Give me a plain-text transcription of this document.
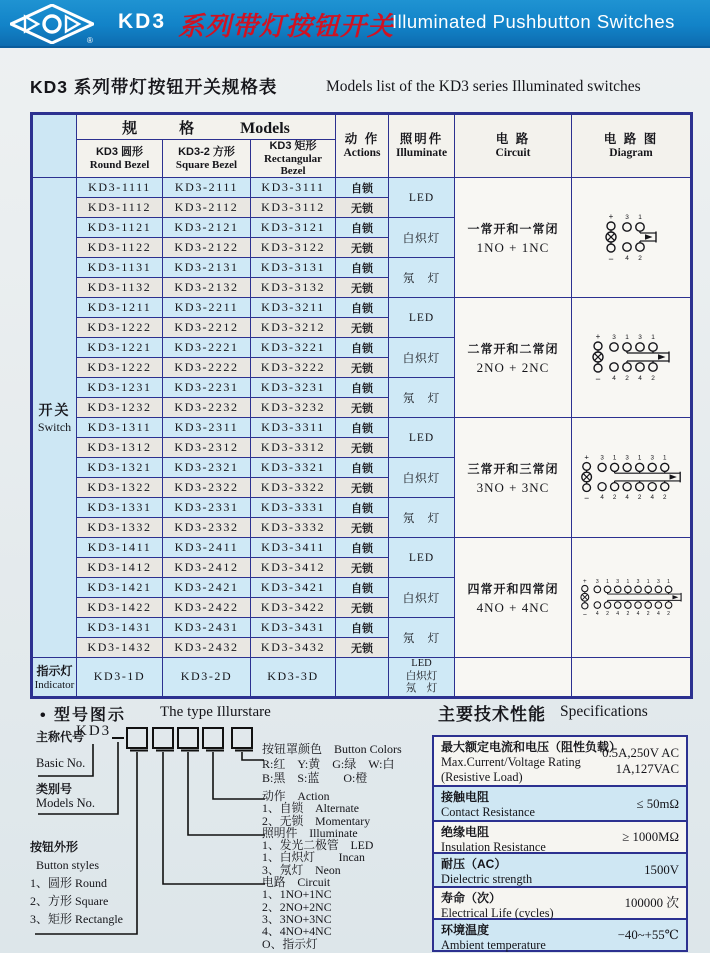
®
KD3 系列带灯按钮开关
Illuminated Pushbutton Switches
KD3 系列带灯按钮开关规格表	Models list of the KD3 series Illuminated switches

规　　格	Models

动 作
Actions

照明件
Illuminate

电 路
Circuit

电 路 图
Diagram

KD3 圆形
Round Bezel

KD3-2 方形
Square Bezel

KD3 矩形
Rectangular Bezel

开关
Switch
	KD3-1111	KD3-2111	KD3-3111	自锁	LED	
一常开和一常闭
1NO + 1NC

+
−
3
4
1
2

	KD3-1112	KD3-2112	KD3-3112	无锁			
	KD3-1121	KD3-2121	KD3-3121	自锁	白炽灯		
	KD3-1122	KD3-2122	KD3-3122	无锁			
	KD3-1131	KD3-2131	KD3-3131	自锁	氖　灯		
	KD3-1132	KD3-2132	KD3-3132	无锁			
KD3-1211	KD3-2211	KD3-3211	自锁	LED	
二常开和二常闭
2NO + 2NC

+
−
3
4
1
2
3
4
1
2

	KD3-1222	KD3-2212	KD3-3212	无锁			
	KD3-1221	KD3-2221	KD3-3221	自锁	白炽灯		
	KD3-1222	KD3-2222	KD3-3222	无锁			
	KD3-1231	KD3-2231	KD3-3231	自锁	氖　灯		
	KD3-1232	KD3-2232	KD3-3232	无锁			
KD3-1311	KD3-2311	KD3-3311	自锁	LED	
三常开和三常闭
3NO + 3NC

+
−
3
4
1
2
3
4
1
2
3
4
1
2

	KD3-1312	KD3-2312	KD3-3312	无锁			
	KD3-1321	KD3-2321	KD3-3321	自锁	白炽灯		
	KD3-1322	KD3-2322	KD3-3322	无锁			
	KD3-1331	KD3-2331	KD3-3331	自锁	氖　灯		
	KD3-1332	KD3-2332	KD3-3332	无锁			
KD3-1411	KD3-2411	KD3-3411	自锁	LED	
四常开和四常闭
4NO + 4NC

+
−
3
4
1
2
3
4
1
2
3
4
1
2
3
4
1
2

	KD3-1412	KD3-2412	KD3-3412	无锁			
	KD3-1421	KD3-2421	KD3-3421	自锁	白炽灯		
	KD3-1422	KD3-2422	KD3-3422	无锁			
	KD3-1431	KD3-2431	KD3-3431	自锁	氖　灯		
	KD3-1432	KD3-2432	KD3-3432	无锁			

指示灯
Indicator
	KD3-1D	KD3-2D	KD3-3D		
LED
白炽灯
氖　灯

KD3
主称代号
Basic No.
类别号
Models No.
按钮外形
Button styles
1、圆形 Round
2、方形 Square
3、矩形 Rectangle
按钮罩颜色　Button Colors
R:红　Y:黄　G:绿　W:白
B:黑　S:蓝　　O:橙
动作　Action
1、自锁　Alternate
2、无锁　Momentary
照明件　Illuminate
1、发光二极管　LED
1、白炽灯　　Incan
3、氖灯　Neon
电路　Circuit
1、1NO+1NC
2、2NO+2NC
3、3NO+3NC
4、4NO+4NC
O、指示灯
• 型号图示 The type Illurstare	主要技术性能 Specifications
最大额定电流和电压（阻性负载）
Max.Current/Voltage Rating
(Resistive Load)
0.5A,250V AC
1A,127VAC
接触电阻
Contact Resistance
≤ 50mΩ
绝缘电阻
Insulation Resistance
≥ 1000MΩ
耐压（AC）
Dielectric strength
1500V
寿命（次）
Electrical Life (cycles)
100000 次
环境温度
Ambient temperature
−40~+55℃
